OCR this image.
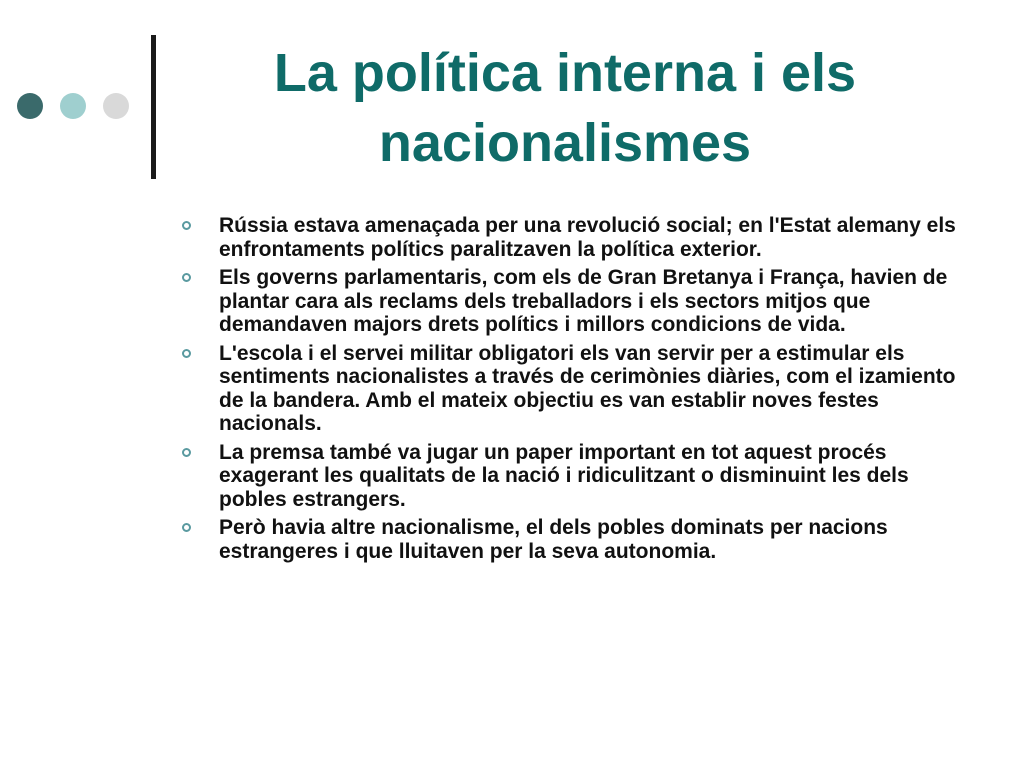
La política interna i els nacionalismes
Rússia estava amenaçada per una revolució social; en l'Estat alemany els enfrontaments polítics paralitzaven la política exterior.
Els governs parlamentaris, com els de Gran Bretanya i França, havien de plantar cara als reclams dels treballadors i els sectors mitjos que demandaven majors drets polítics i millors condicions de vida.
L'escola i el servei militar obligatori els van servir per a estimular els sentiments nacionalistes a través de cerimònies diàries, com el izamiento de la bandera. Amb el mateix objectiu es van establir noves festes nacionals.
La premsa també va jugar un paper important en tot aquest procés exagerant les qualitats de la nació i ridiculitzant o disminuint les dels pobles estrangers.
Però havia altre nacionalisme, el dels pobles dominats per nacions estrangeres i que lluitaven per la seva autonomia.
